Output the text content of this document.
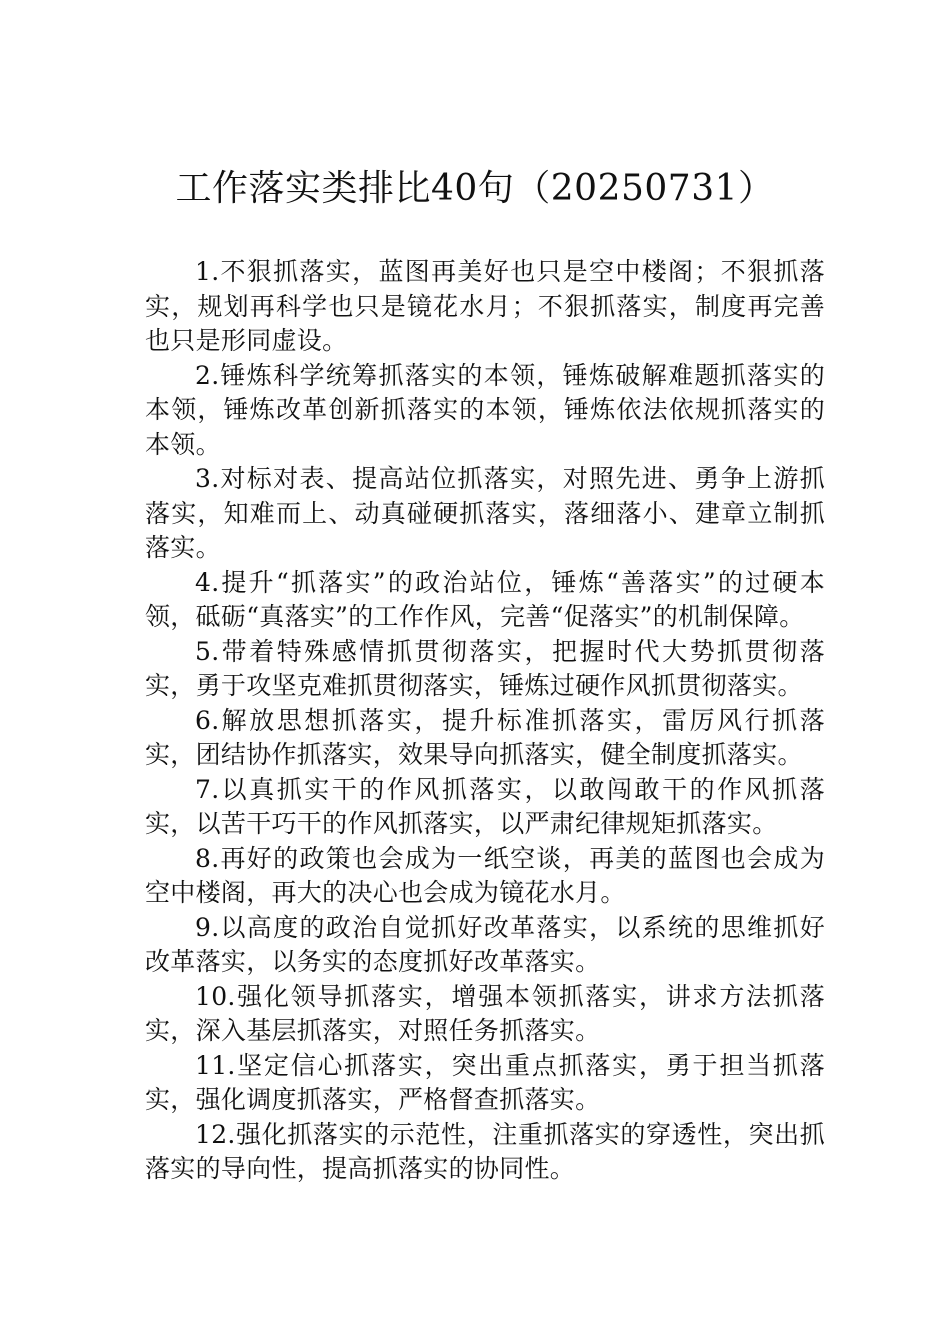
工作落实类排比40句（20250731）

1.不狠抓落实，蓝图再美好也只是空中楼阁；不狠抓落实，规划再科学也只是镜花水月；不狠抓落实，制度再完善也只是形同虚设。

2.锤炼科学统筹抓落实的本领，锤炼破解难题抓落实的本领，锤炼改革创新抓落实的本领，锤炼依法依规抓落实的本领。

3.对标对表、提高站位抓落实，对照先进、勇争上游抓落实，知难而上、动真碰硬抓落实，落细落小、建章立制抓落实。

4.提升“抓落实”的政治站位，锤炼“善落实”的过硬本领，砥砺“真落实”的工作作风，完善“促落实”的机制保障。

5.带着特殊感情抓贯彻落实，把握时代大势抓贯彻落实，勇于攻坚克难抓贯彻落实，锤炼过硬作风抓贯彻落实。

6.解放思想抓落实，提升标准抓落实，雷厉风行抓落实，团结协作抓落实，效果导向抓落实，健全制度抓落实。

7.以真抓实干的作风抓落实，以敢闯敢干的作风抓落实，以苦干巧干的作风抓落实，以严肃纪律规矩抓落实。

8.再好的政策也会成为一纸空谈，再美的蓝图也会成为空中楼阁，再大的决心也会成为镜花水月。

9.以高度的政治自觉抓好改革落实，以系统的思维抓好改革落实，以务实的态度抓好改革落实。

10.强化领导抓落实，增强本领抓落实，讲求方法抓落实，深入基层抓落实，对照任务抓落实。

11.坚定信心抓落实，突出重点抓落实，勇于担当抓落实，强化调度抓落实，严格督查抓落实。

12.强化抓落实的示范性，注重抓落实的穿透性，突出抓落实的导向性，提高抓落实的协同性。
